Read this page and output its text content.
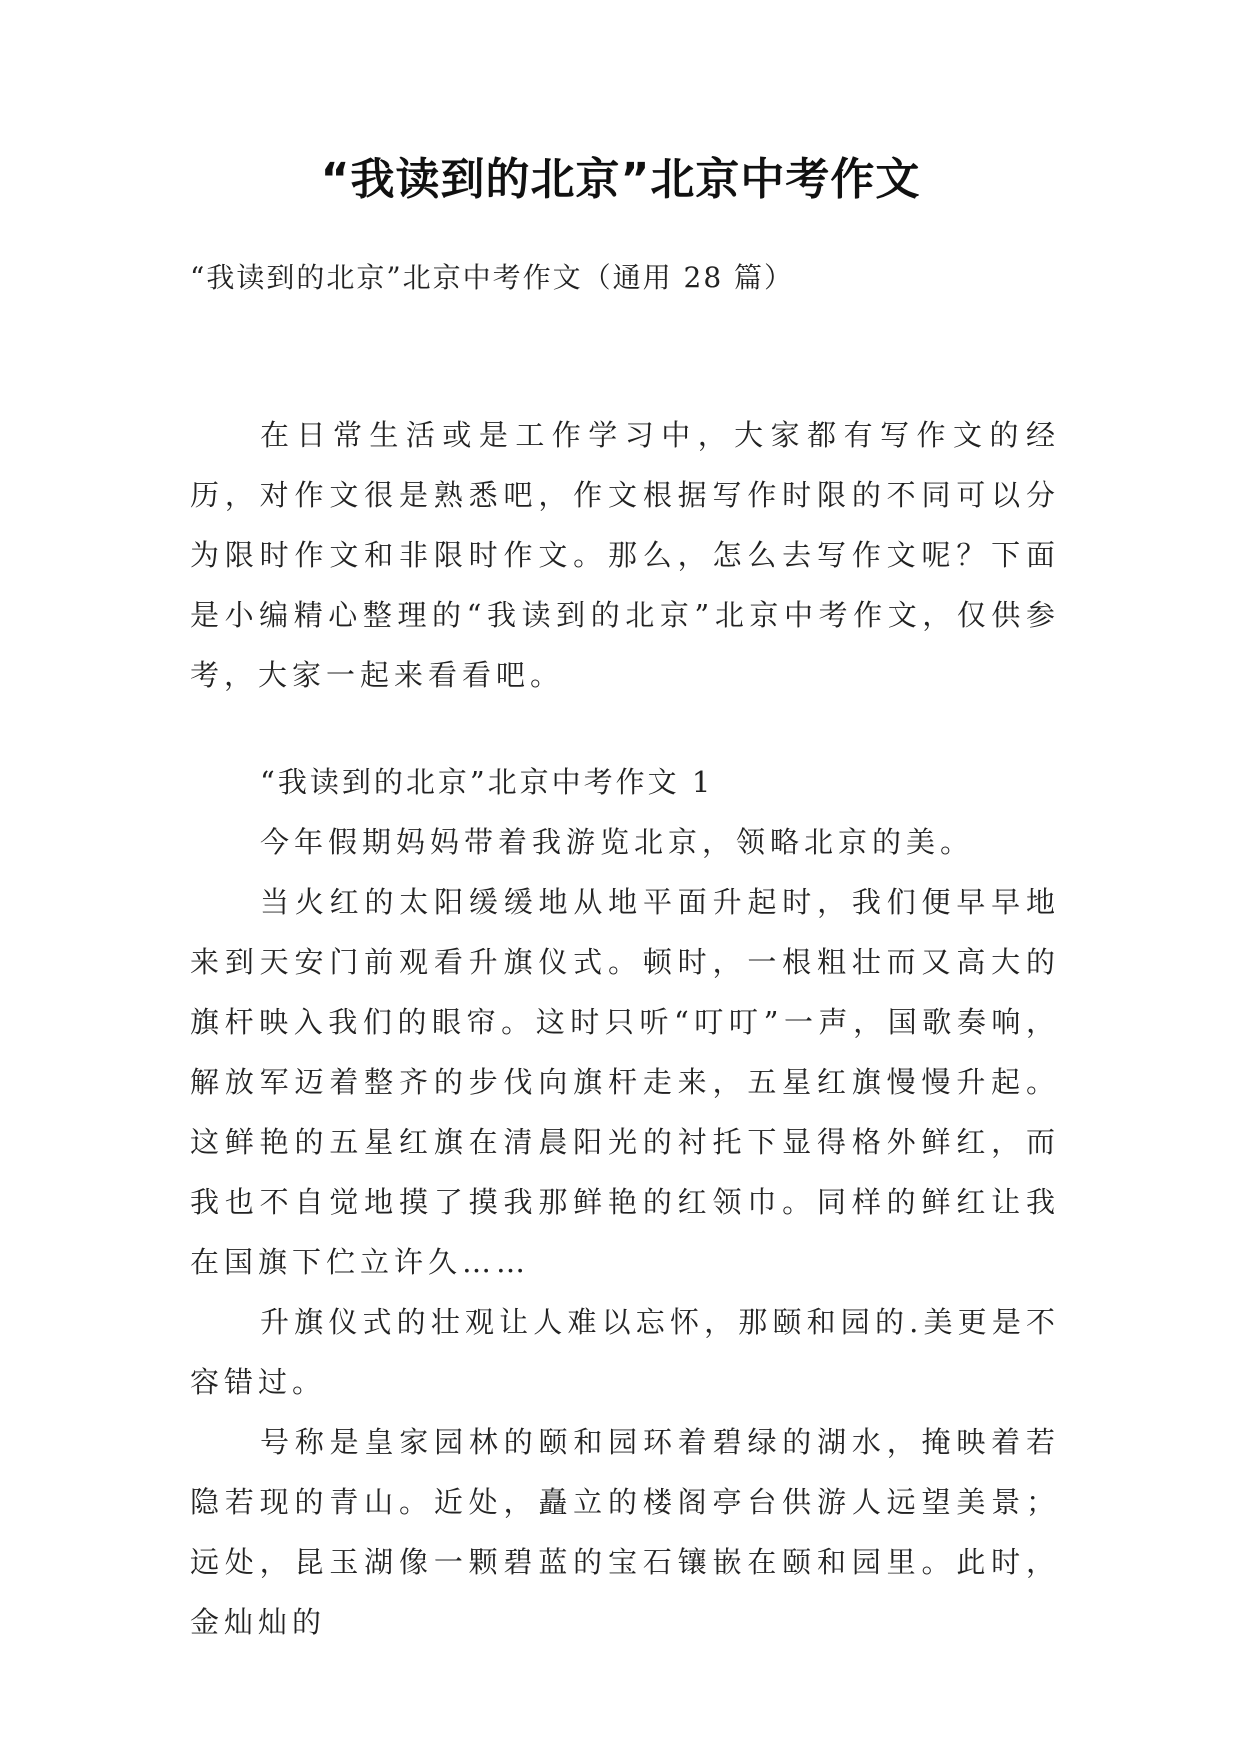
“我读到的北京”北京中考作文

“我读到的北京”北京中考作文（通用 28 篇）

在日常生活或是工作学习中，大家都有写作文的经历，对作文很是熟悉吧，作文根据写作时限的不同可以分为限时作文和非限时作文。那么，怎么去写作文呢？下面是小编精心整理的“我读到的北京”北京中考作文，仅供参考，大家一起来看看吧。

“我读到的北京”北京中考作文 1

今年假期妈妈带着我游览北京，领略北京的美。

当火红的太阳缓缓地从地平面升起时，我们便早早地来到天安门前观看升旗仪式。顿时，一根粗壮而又高大的旗杆映入我们的眼帘。这时只听“叮叮”一声，国歌奏响，解放军迈着整齐的步伐向旗杆走来，五星红旗慢慢升起。这鲜艳的五星红旗在清晨阳光的衬托下显得格外鲜红，而我也不自觉地摸了摸我那鲜艳的红领巾。同样的鲜红让我在国旗下伫立许久……

升旗仪式的壮观让人难以忘怀，那颐和园的.美更是不容错过。

号称是皇家园林的颐和园环着碧绿的湖水，掩映着若隐若现的青山。近处，矗立的楼阁亭台供游人远望美景；远处，昆玉湖像一颗碧蓝的宝石镶嵌在颐和园里。此时，金灿灿的
